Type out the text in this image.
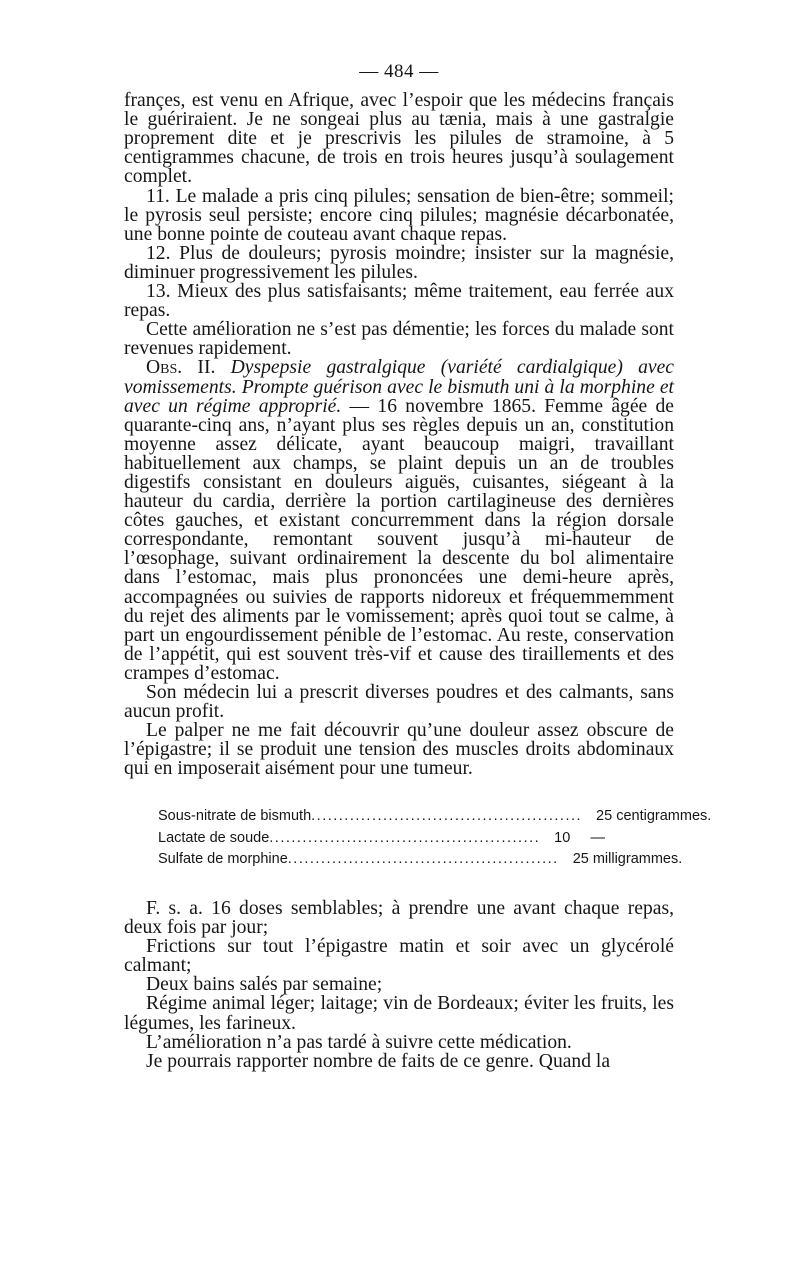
— 484 —

françes, est venu en Afrique, avec l’espoir que les médecins français le guériraient. Je ne songeai plus au tænia, mais à une gastralgie proprement dite et je prescrivis les pilules de stramoine, à 5 centigrammes chacune, de trois en trois heures jusqu’à soulagement complet.

11. Le malade a pris cinq pilules; sensation de bien-être; sommeil; le pyrosis seul persiste; encore cinq pilules; magnésie décarbonatée, une bonne pointe de couteau avant chaque repas.

12. Plus de douleurs; pyrosis moindre; insister sur la magnésie, diminuer progressivement les pilules.

13. Mieux des plus satisfaisants; même traitement, eau ferrée aux repas.

Cette amélioration ne s’est pas démentie; les forces du malade sont revenues rapidement.

Obs. II. Dyspepsie gastralgique (variété cardialgique) avec vomissements. Prompte guérison avec le bismuth uni à la morphine et avec un régime approprié. — 16 novembre 1865. Femme âgée de quarante-cinq ans, n’ayant plus ses règles depuis un an, constitution moyenne assez délicate, ayant beaucoup maigri, travaillant habituellement aux champs, se plaint depuis un an de troubles digestifs consistant en douleurs aiguës, cuisantes, siégeant à la hauteur du cardia, derrière la portion cartilagineuse des dernières côtes gauches, et existant concurremment dans la région dorsale correspondante, remontant souvent jusqu’à mi-hauteur de l’œsophage, suivant ordinairement la descente du bol alimentaire dans l’estomac, mais plus prononcées une demi-heure après, accompagnées ou suivies de rapports nidoreux et fréquemmemment du rejet des aliments par le vomissement; après quoi tout se calme, à part un engourdissement pénible de l’estomac. Au reste, conservation de l’appétit, qui est souvent très-vif et cause des tiraillements et des crampes d’estomac.

Son médecin lui a prescrit diverses poudres et des calmants, sans aucun profit.

Le palper ne me fait découvrir qu’une douleur assez obscure de l’épigastre; il se produit une tension des muscles droits abdominaux qui en imposerait aisément pour une tumeur.

Sous-nitrate de bismuth ................................................. 25 centigrammes.
Lactate de soude ................................................. 10     —
Sulfate de morphine ................................................. 25 milligrammes.

F. s. a. 16 doses semblables; à prendre une avant chaque repas, deux fois par jour;

Frictions sur tout l’épigastre matin et soir avec un glycérolé calmant;

Deux bains salés par semaine;

Régime animal léger; laitage; vin de Bordeaux; éviter les fruits, les légumes, les farineux.

L’amélioration n’a pas tardé à suivre cette médication.

Je pourrais rapporter nombre de faits de ce genre. Quand la
